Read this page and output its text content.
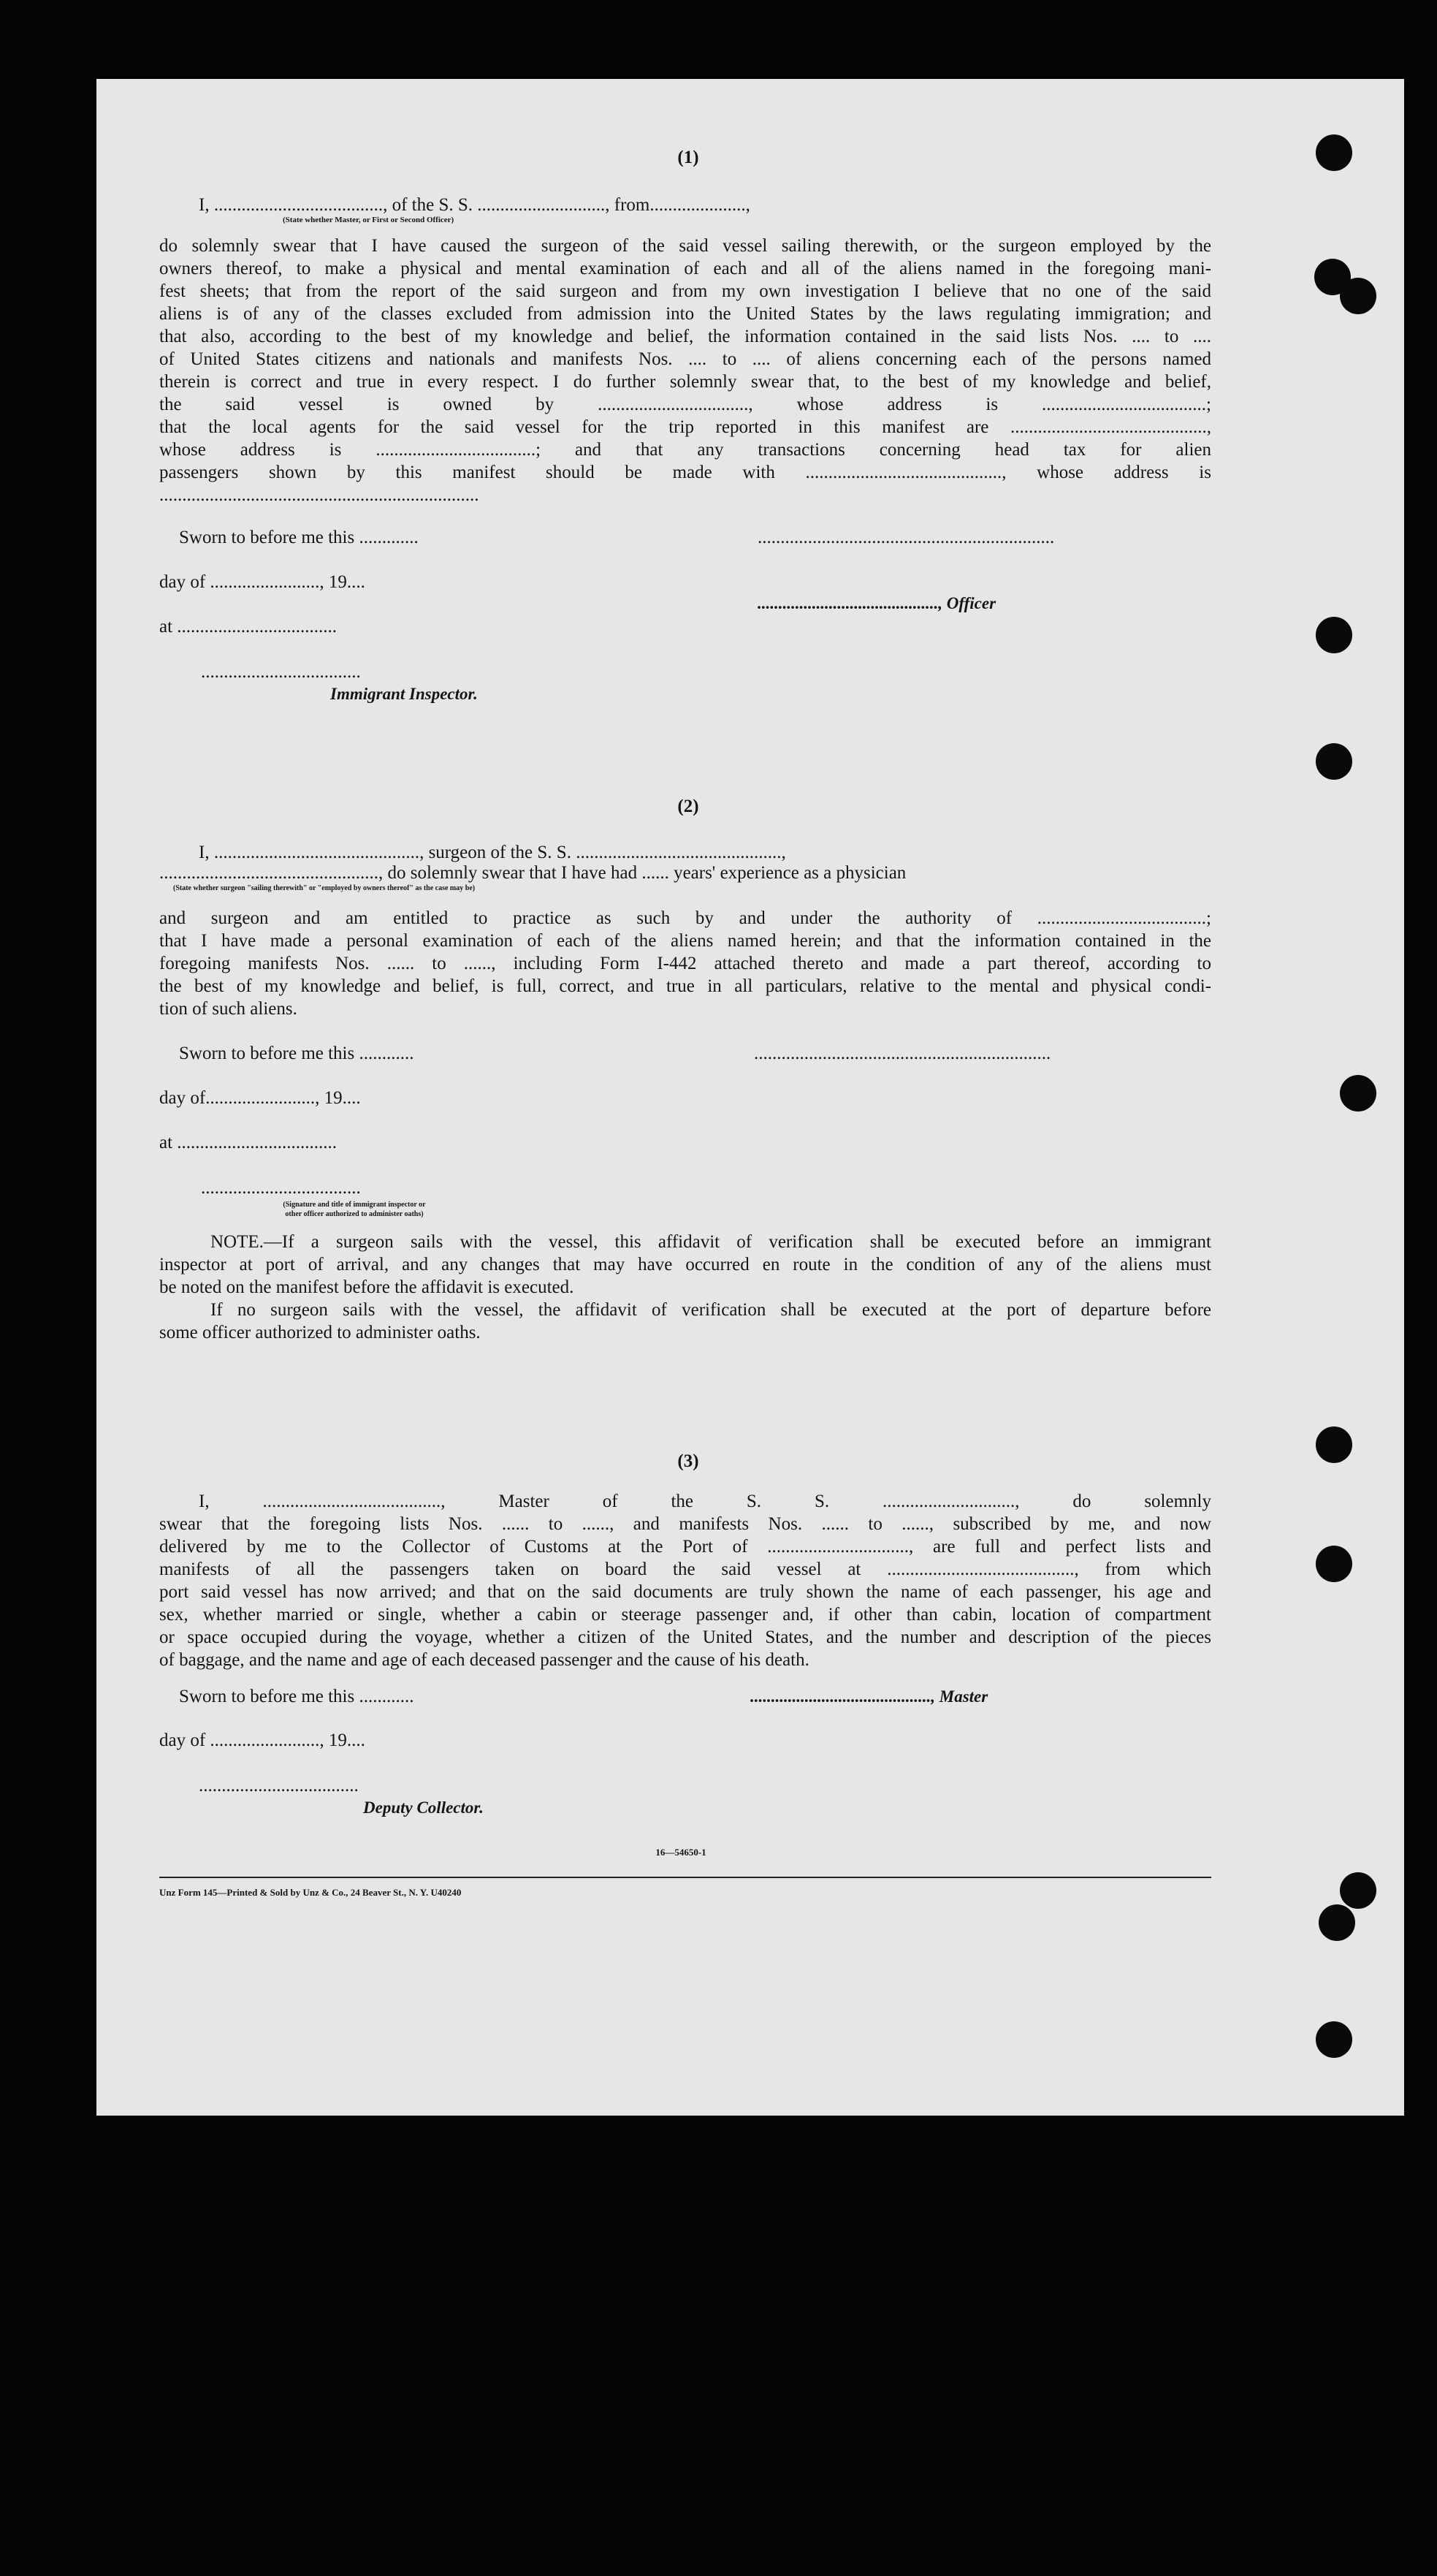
(1)
I, ....................................., of the S. S. ............................, from.....................,
(State whether Master, or First or Second Officer)
do solemnly swear that I have caused the surgeon of the said vessel sailing therewith, or the surgeon employed by the
owners thereof, to make a physical and mental examination of each and all of the aliens named in the foregoing mani-
fest sheets; that from the report of the said surgeon and from my own investigation I believe that no one of the said
aliens is of any of the classes excluded from admission into the United States by the laws regulating immigration; and
that also, according to the best of my knowledge and belief, the information contained in the said lists Nos. .... to ....
of United States citizens and nationals and manifests Nos. .... to .... of aliens concerning each of the persons named
therein is correct and true in every respect. I do further solemnly swear that, to the best of my knowledge and belief,
the said vessel is owned by ................................., whose address is ....................................;
that the local agents for the said vessel for the trip reported in this manifest are ...........................................,
whose address is ...................................; and that any transactions concerning head tax for alien
passengers shown by this manifest should be made with ..........................................., whose address is
......................................................................
Sworn to before me this .............
day of ........................, 19....
at ...................................
...................................
Immigrant Inspector.
.................................................................
..........................................., Officer
(2)
I, ............................................., surgeon of the S. S. .............................................,
................................................, do solemnly swear that I have had ...... years' experience as a physician
(State whether surgeon "sailing therewith" or "employed by owners thereof" as the case may be)
and surgeon and am entitled to practice as such by and under the authority of .....................................;
that I have made a personal examination of each of the aliens named herein; and that the information contained in the
foregoing manifests Nos. ...... to ......, including Form I-442 attached thereto and made a part thereof, according to
the best of my knowledge and belief, is full, correct, and true in all particulars, relative to the mental and physical condi-
tion of such aliens.
Sworn to before me this ............
day of........................, 19....
at ...................................
...................................
(Signature and title of immigrant inspector or
other officer authorized to administer oaths)
.................................................................
NOTE.—If a surgeon sails with the vessel, this affidavit of verification shall be executed before an immigrant
inspector at port of arrival, and any changes that may have occurred en route in the condition of any of the aliens must
be noted on the manifest before the affidavit is executed.
If no surgeon sails with the vessel, the affidavit of verification shall be executed at the port of departure before
some officer authorized to administer oaths.
(3)
I, ......................................., Master of the S. S. ............................., do solemnly
swear that the foregoing lists Nos. ...... to ......, and manifests Nos. ...... to ......, subscribed by me, and now
delivered by me to the Collector of Customs at the Port of ..............................., are full and perfect lists and
manifests of all the passengers taken on board the said vessel at ........................................., from which
port said vessel has now arrived; and that on the said documents are truly shown the name of each passenger, his age and
sex, whether married or single, whether a cabin or steerage passenger and, if other than cabin, location of compartment
or space occupied during the voyage, whether a citizen of the United States, and the number and description of the pieces
of baggage, and the name and age of each deceased passenger and the cause of his death.
Sworn to before me this ............
day of ........................, 19....
...................................
Deputy Collector.
..........................................., Master
16—54650-1
Unz Form 145—Printed & Sold by Unz & Co., 24 Beaver St., N. Y. U40240
